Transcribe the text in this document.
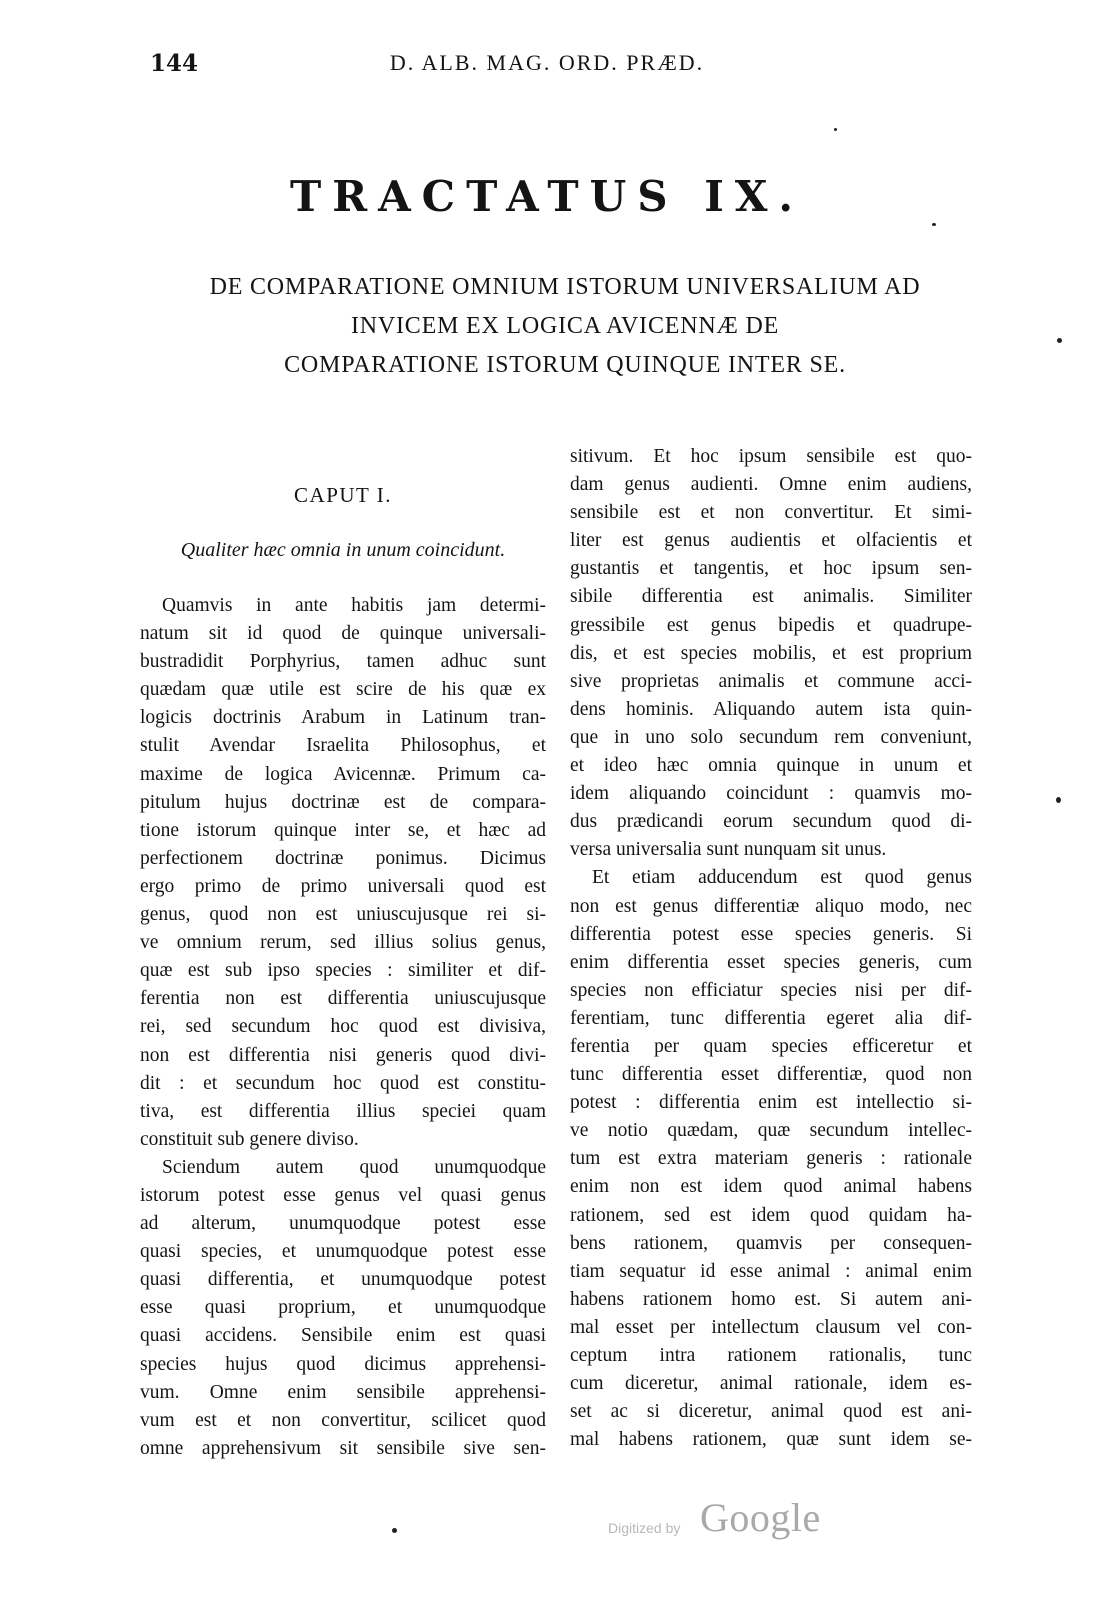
144	D. ALB. MAG. ORD. PRÆD.
TRACTATUS IX.
DE COMPARATIONE OMNIUM ISTORUM UNIVERSALIUM AD
INVICEM EX LOGICA AVICENNÆ DE
COMPARATIONE ISTORUM QUINQUE INTER SE.
CAPUT I.
Qualiter hæc omnia in unum coincidunt.
Quamvis in ante habitis jam determi-
natum sit id quod de quinque universali-
bustradidit Porphyrius, tamen adhuc sunt
quædam quæ utile est scire de his quæ ex
logicis doctrinis Arabum in Latinum tran-
stulit Avendar Israelita Philosophus, et
maxime de logica Avicennæ. Primum ca-
pitulum hujus doctrinæ est de compara-
tione istorum quinque inter se, et hæc ad
perfectionem doctrinæ ponimus. Dicimus
ergo primo de primo universali quod est
genus, quod non est uniuscujusque rei si-
ve omnium rerum, sed illius solius genus,
quæ est sub ipso species : similiter et dif-
ferentia non est differentia uniuscujusque
rei, sed secundum hoc quod est divisiva,
non est differentia nisi generis quod divi-
dit : et secundum hoc quod est constitu-
tiva, est differentia illius speciei quam
constituit sub genere diviso.
Sciendum autem quod unumquodque
istorum potest esse genus vel quasi genus
ad alterum, unumquodque potest esse
quasi species, et unumquodque potest esse
quasi differentia, et unumquodque potest
esse quasi proprium, et unumquodque
quasi accidens. Sensibile enim est quasi
species hujus quod dicimus apprehensi-
vum. Omne enim sensibile apprehensi-
vum est et non convertitur, scilicet quod
omne apprehensivum sit sensibile sive sen-
sitivum. Et hoc ipsum sensibile est quo-
dam genus audienti. Omne enim audiens,
sensibile est et non convertitur. Et simi-
liter est genus audientis et olfacientis et
gustantis et tangentis, et hoc ipsum sen-
sibile differentia est animalis. Similiter
gressibile est genus bipedis et quadrupe-
dis, et est species mobilis, et est proprium
sive proprietas animalis et commune acci-
dens hominis. Aliquando autem ista quin-
que in uno solo secundum rem conveniunt,
et ideo hæc omnia quinque in unum et
idem aliquando coincidunt : quamvis mo-
dus prædicandi eorum secundum quod di-
versa universalia sunt nunquam sit unus.
Et etiam adducendum est quod genus
non est genus differentiæ aliquo modo, nec
differentia potest esse species generis. Si
enim differentia esset species generis, cum
species non efficiatur species nisi per dif-
ferentiam, tunc differentia egeret alia dif-
ferentia per quam species efficeretur et
tunc differentia esset differentiæ, quod non
potest : differentia enim est intellectio si-
ve notio quædam, quæ secundum intellec-
tum est extra materiam generis : rationale
enim non est idem quod animal habens
rationem, sed est idem quod quidam ha-
bens rationem, quamvis per consequen-
tiam sequatur id esse animal : animal enim
habens rationem homo est. Si autem ani-
mal esset per intellectum clausum vel con-
ceptum intra rationem rationalis, tunc
cum diceretur, animal rationale, idem es-
set ac si diceretur, animal quod est ani-
mal habens rationem, quæ sunt idem se-
Digitized by Google
